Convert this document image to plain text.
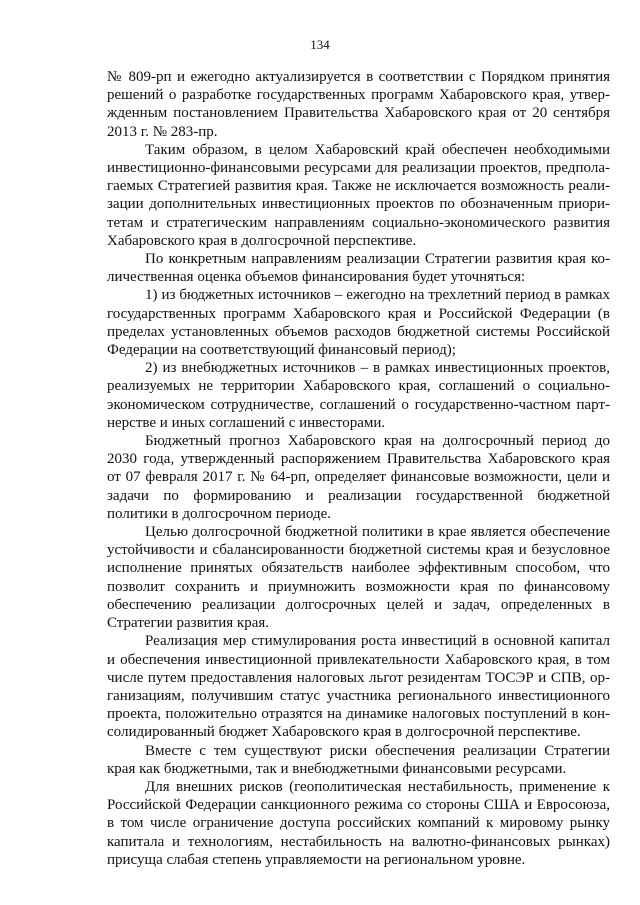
134

№ 809-рп и ежегодно актуализируется в соответствии с Порядком принятия решений о разработке государственных программ Хабаровского края, утвержденным постановлением Правительства Хабаровского края от 20 сентября 2013 г. № 283-пр.

Таким образом, в целом Хабаровский край обеспечен необходимыми инвестиционно-финансовыми ресурсами для реализации проектов, предполагаемых Стратегией развития края. Также не исключается возможность реализации дополнительных инвестиционных проектов по обозначенным приоритетам и стратегическим направлениям социально-экономического развития Хабаровского края в долгосрочной перспективе.

По конкретным направлениям реализации Стратегии развития края количественная оценка объемов финансирования будет уточняться:

1) из бюджетных источников – ежегодно на трехлетний период в рамках государственных программ Хабаровского края и Российской Федерации (в пределах установленных объемов расходов бюджетной системы Российской Федерации на соответствующий финансовый период);

2) из внебюджетных источников – в рамках инвестиционных проектов, реализуемых не территории Хабаровского края, соглашений о социально-экономическом сотрудничестве, соглашений о государственно-частном партнерстве и иных соглашений с инвесторами.

Бюджетный прогноз Хабаровского края на долгосрочный период до 2030 года, утвержденный распоряжением Правительства Хабаровского края от 07 февраля 2017 г. № 64-рп, определяет финансовые возможности, цели и задачи по формированию и реализации государственной бюджетной политики в долгосрочном периоде.

Целью долгосрочной бюджетной политики в крае является обеспечение устойчивости и сбалансированности бюджетной системы края и безусловное исполнение принятых обязательств наиболее эффективным способом, что позволит сохранить и приумножить возможности края по финансовому обеспечению реализации долгосрочных целей и задач, определенных в Стратегии развития края.

Реализация мер стимулирования роста инвестиций в основной капитал и обеспечения инвестиционной привлекательности Хабаровского края, в том числе путем предоставления налоговых льгот резидентам ТОСЭР и СПВ, организациям, получившим статус участника регионального инвестиционного проекта, положительно отразятся на динамике налоговых поступлений в консолидированный бюджет Хабаровского края в долгосрочной перспективе.

Вместе с тем существуют риски обеспечения реализации Стратегии края как бюджетными, так и внебюджетными финансовыми ресурсами.

Для внешних рисков (геополитическая нестабильность, применение к Российской Федерации санкционного режима со стороны США и Евросоюза, в том числе ограничение доступа российских компаний к мировому рынку капитала и технологиям, нестабильность на валютно-финансовых рынках) присуща слабая степень управляемости на региональном уровне.
